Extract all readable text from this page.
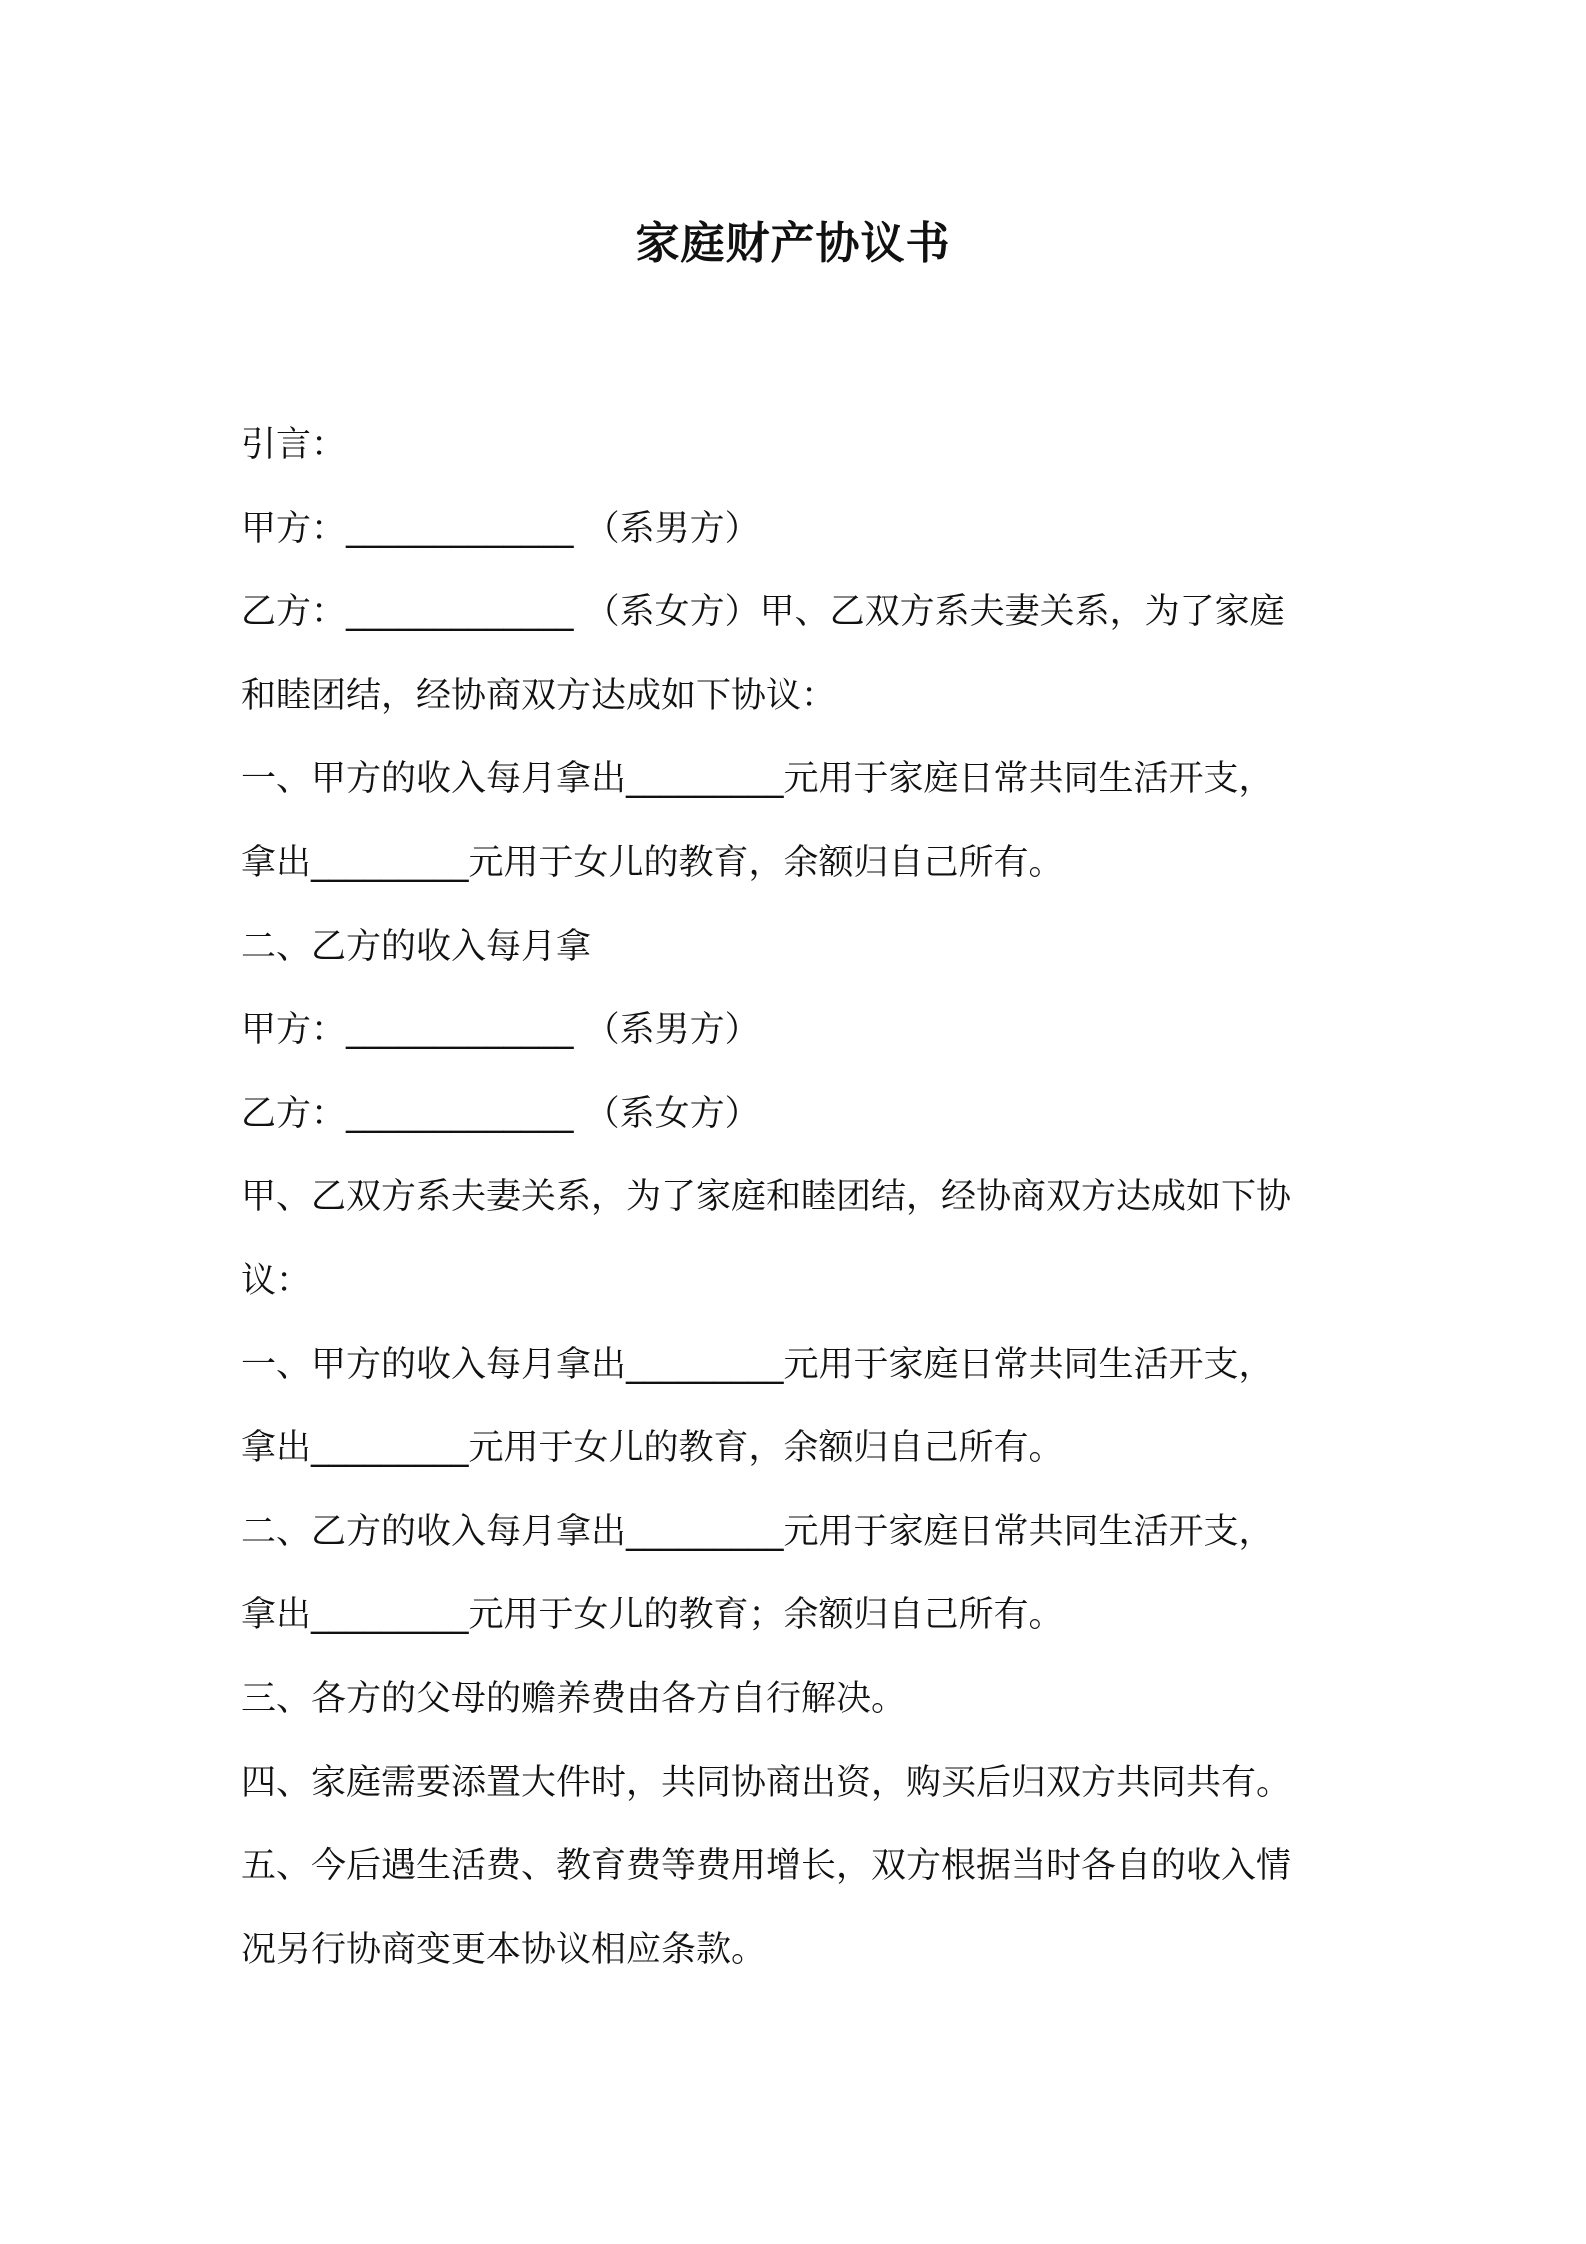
家庭财产协议书
引言：
甲方：_____________ （系男方）
乙方：_____________ （系女方）甲、乙双方系夫妻关系，为了家庭
和睦团结，经协商双方达成如下协议：
一、甲方的收入每月拿出_________元用于家庭日常共同生活开支，
拿出_________元用于女儿的教育，余额归自己所有。
二、乙方的收入每月拿
甲方：_____________ （系男方）
乙方：_____________ （系女方）
甲、乙双方系夫妻关系，为了家庭和睦团结，经协商双方达成如下协
议：
一、甲方的收入每月拿出_________元用于家庭日常共同生活开支，
拿出_________元用于女儿的教育，余额归自己所有。
二、乙方的收入每月拿出_________元用于家庭日常共同生活开支，
拿出_________元用于女儿的教育；余额归自己所有。
三、各方的父母的赡养费由各方自行解决。
四、家庭需要添置大件时，共同协商出资，购买后归双方共同共有。
五、今后遇生活费、教育费等费用增长，双方根据当时各自的收入情
况另行协商变更本协议相应条款。
